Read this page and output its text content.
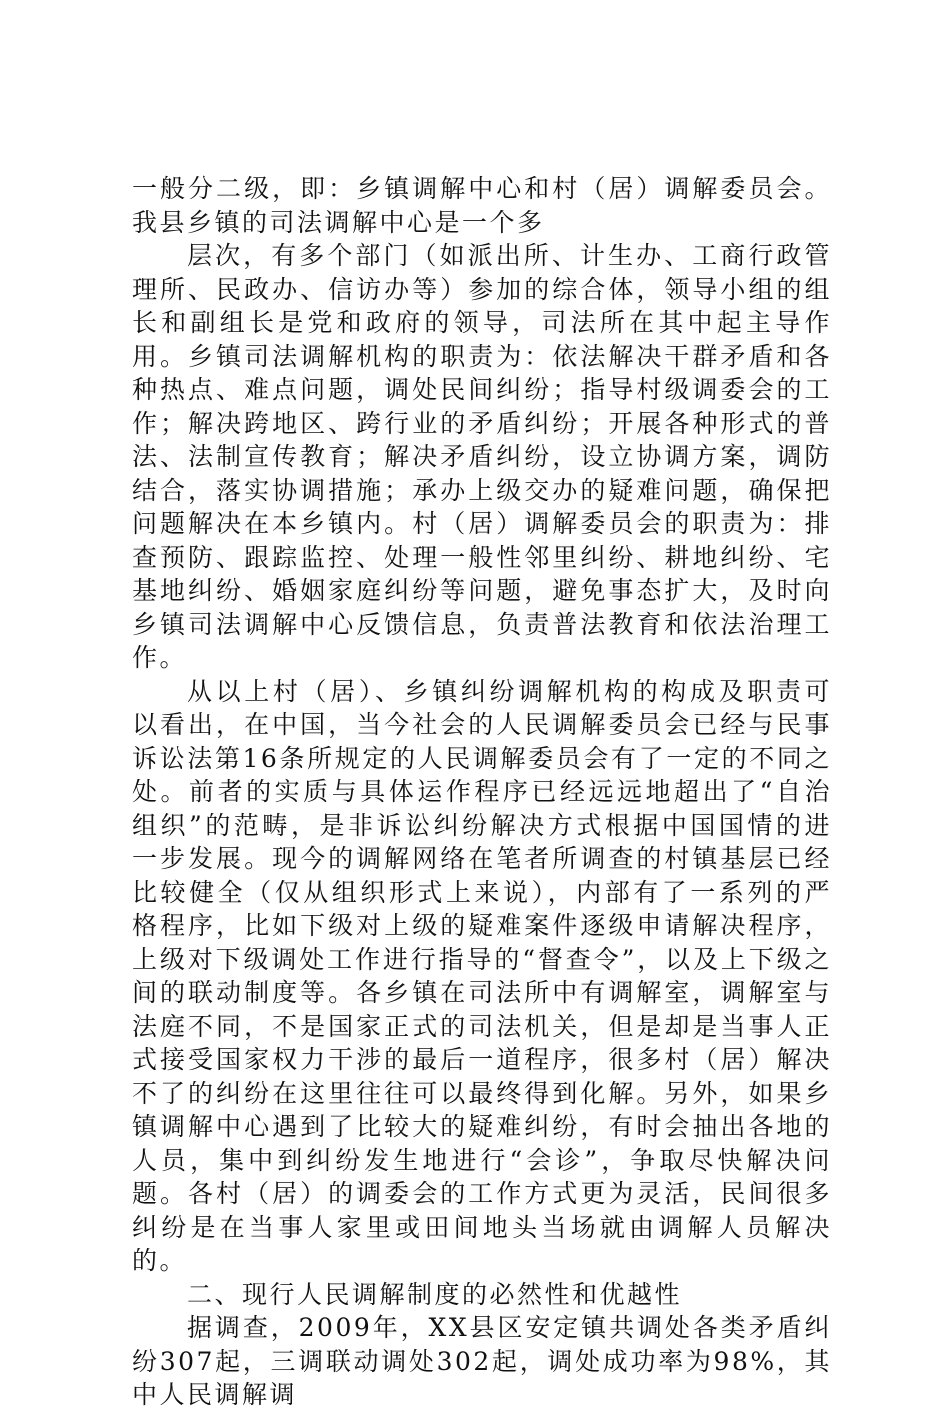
一般分二级，即：乡镇调解中心和村（居）调解委员会。我县乡镇的司法调解中心是一个多

层次，有多个部门（如派出所、计生办、工商行政管理所、民政办、信访办等）参加的综合体，领导小组的组长和副组长是党和政府的领导，司法所在其中起主导作用。乡镇司法调解机构的职责为：依法解决干群矛盾和各种热点、难点问题，调处民间纠纷；指导村级调委会的工作；解决跨地区、跨行业的矛盾纠纷；开展各种形式的普法、法制宣传教育；解决矛盾纠纷，设立协调方案，调防结合，落实协调措施；承办上级交办的疑难问题，确保把问题解决在本乡镇内。村（居）调解委员会的职责为：排查预防、跟踪监控、处理一般性邻里纠纷、耕地纠纷、宅基地纠纷、婚姻家庭纠纷等问题，避免事态扩大，及时向乡镇司法调解中心反馈信息，负责普法教育和依法治理工作。

从以上村（居）、乡镇纠纷调解机构的构成及职责可以看出，在中国，当今社会的人民调解委员会已经与民事诉讼法第16条所规定的人民调解委员会有了一定的不同之处。前者的实质与具体运作程序已经远远地超出了“自治组织”的范畴，是非诉讼纠纷解决方式根据中国国情的进一步发展。现今的调解网络在笔者所调查的村镇基层已经比较健全（仅从组织形式上来说），内部有了一系列的严格程序，比如下级对上级的疑难案件逐级申请解决程序，上级对下级调处工作进行指导的“督查令”，以及上下级之间的联动制度等。各乡镇在司法所中有调解室，调解室与法庭不同，不是国家正式的司法机关，但是却是当事人正式接受国家权力干涉的最后一道程序，很多村（居）解决不了的纠纷在这里往往可以最终得到化解。另外，如果乡镇调解中心遇到了比较大的疑难纠纷，有时会抽出各地的人员，集中到纠纷发生地进行“会诊”，争取尽快解决问题。各村（居）的调委会的工作方式更为灵活，民间很多纠纷是在当事人家里或田间地头当场就由调解人员解决的。

二、现行人民调解制度的必然性和优越性

据调查，2009年，XX县区安定镇共调处各类矛盾纠纷307起，三调联动调处302起，调处成功率为98%，其中人民调解调
